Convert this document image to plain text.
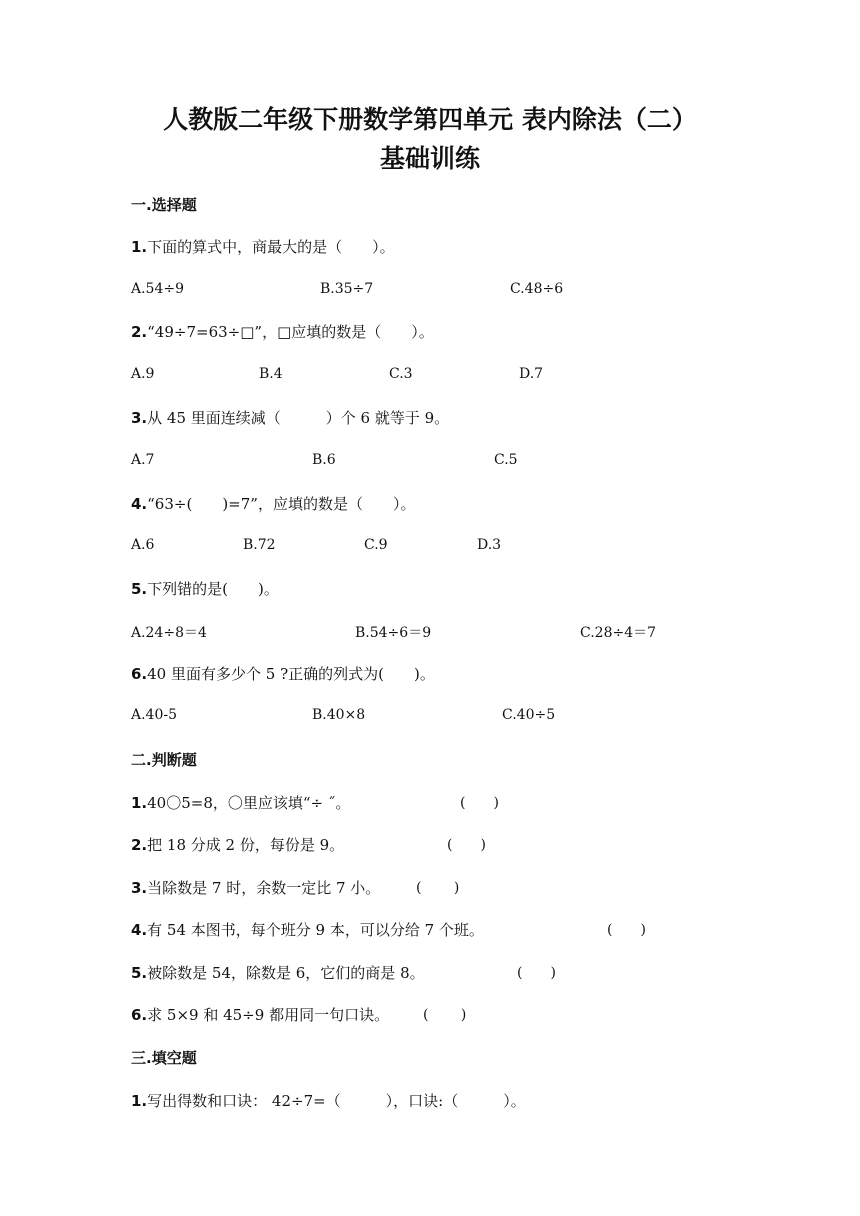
人教版二年级下册数学第四单元 表内除法（二）
基础训练
一.选择题
1.下面的算式中，商最大的是（　　）。
A.54÷9	B.35÷7	C.48÷6
2.“49÷7=63÷□”，□应填的数是（　　）。
A.9	B.4	C.3	D.7
3.从 45 里面连续减（　　　）个 6 就等于 9。
A.7	B.6	C.5
4.“63÷(　　)=7”，应填的数是（　　）。
A.6	B.72	C.9	D.3
5.下列错的是(　　)。
A.24÷8＝4	B.54÷6＝9	C.28÷4＝7
6.40 里面有多少个 5 ?正确的列式为(　　)。
A.40-5	B.40×8	C.40÷5
二.判断题
1.40〇5=8，〇里应该填“÷ ˝。	(　　)
2.把 18 分成 2 份，每份是 9。	(　　)
3.当除数是 7 时，余数一定比 7 小。	(　　 )
4.有 54 本图书，每个班分 9 本，可以分给 7 个班。	(　　)
5.被除数是 54，除数是 6，它们的商是 8。	(　　)
6.求 5×9 和 45÷9 都用同一句口诀。 (　　 )
三.填空题
1.写出得数和口诀： 42÷7=（　　　），口诀:（　　　）。
